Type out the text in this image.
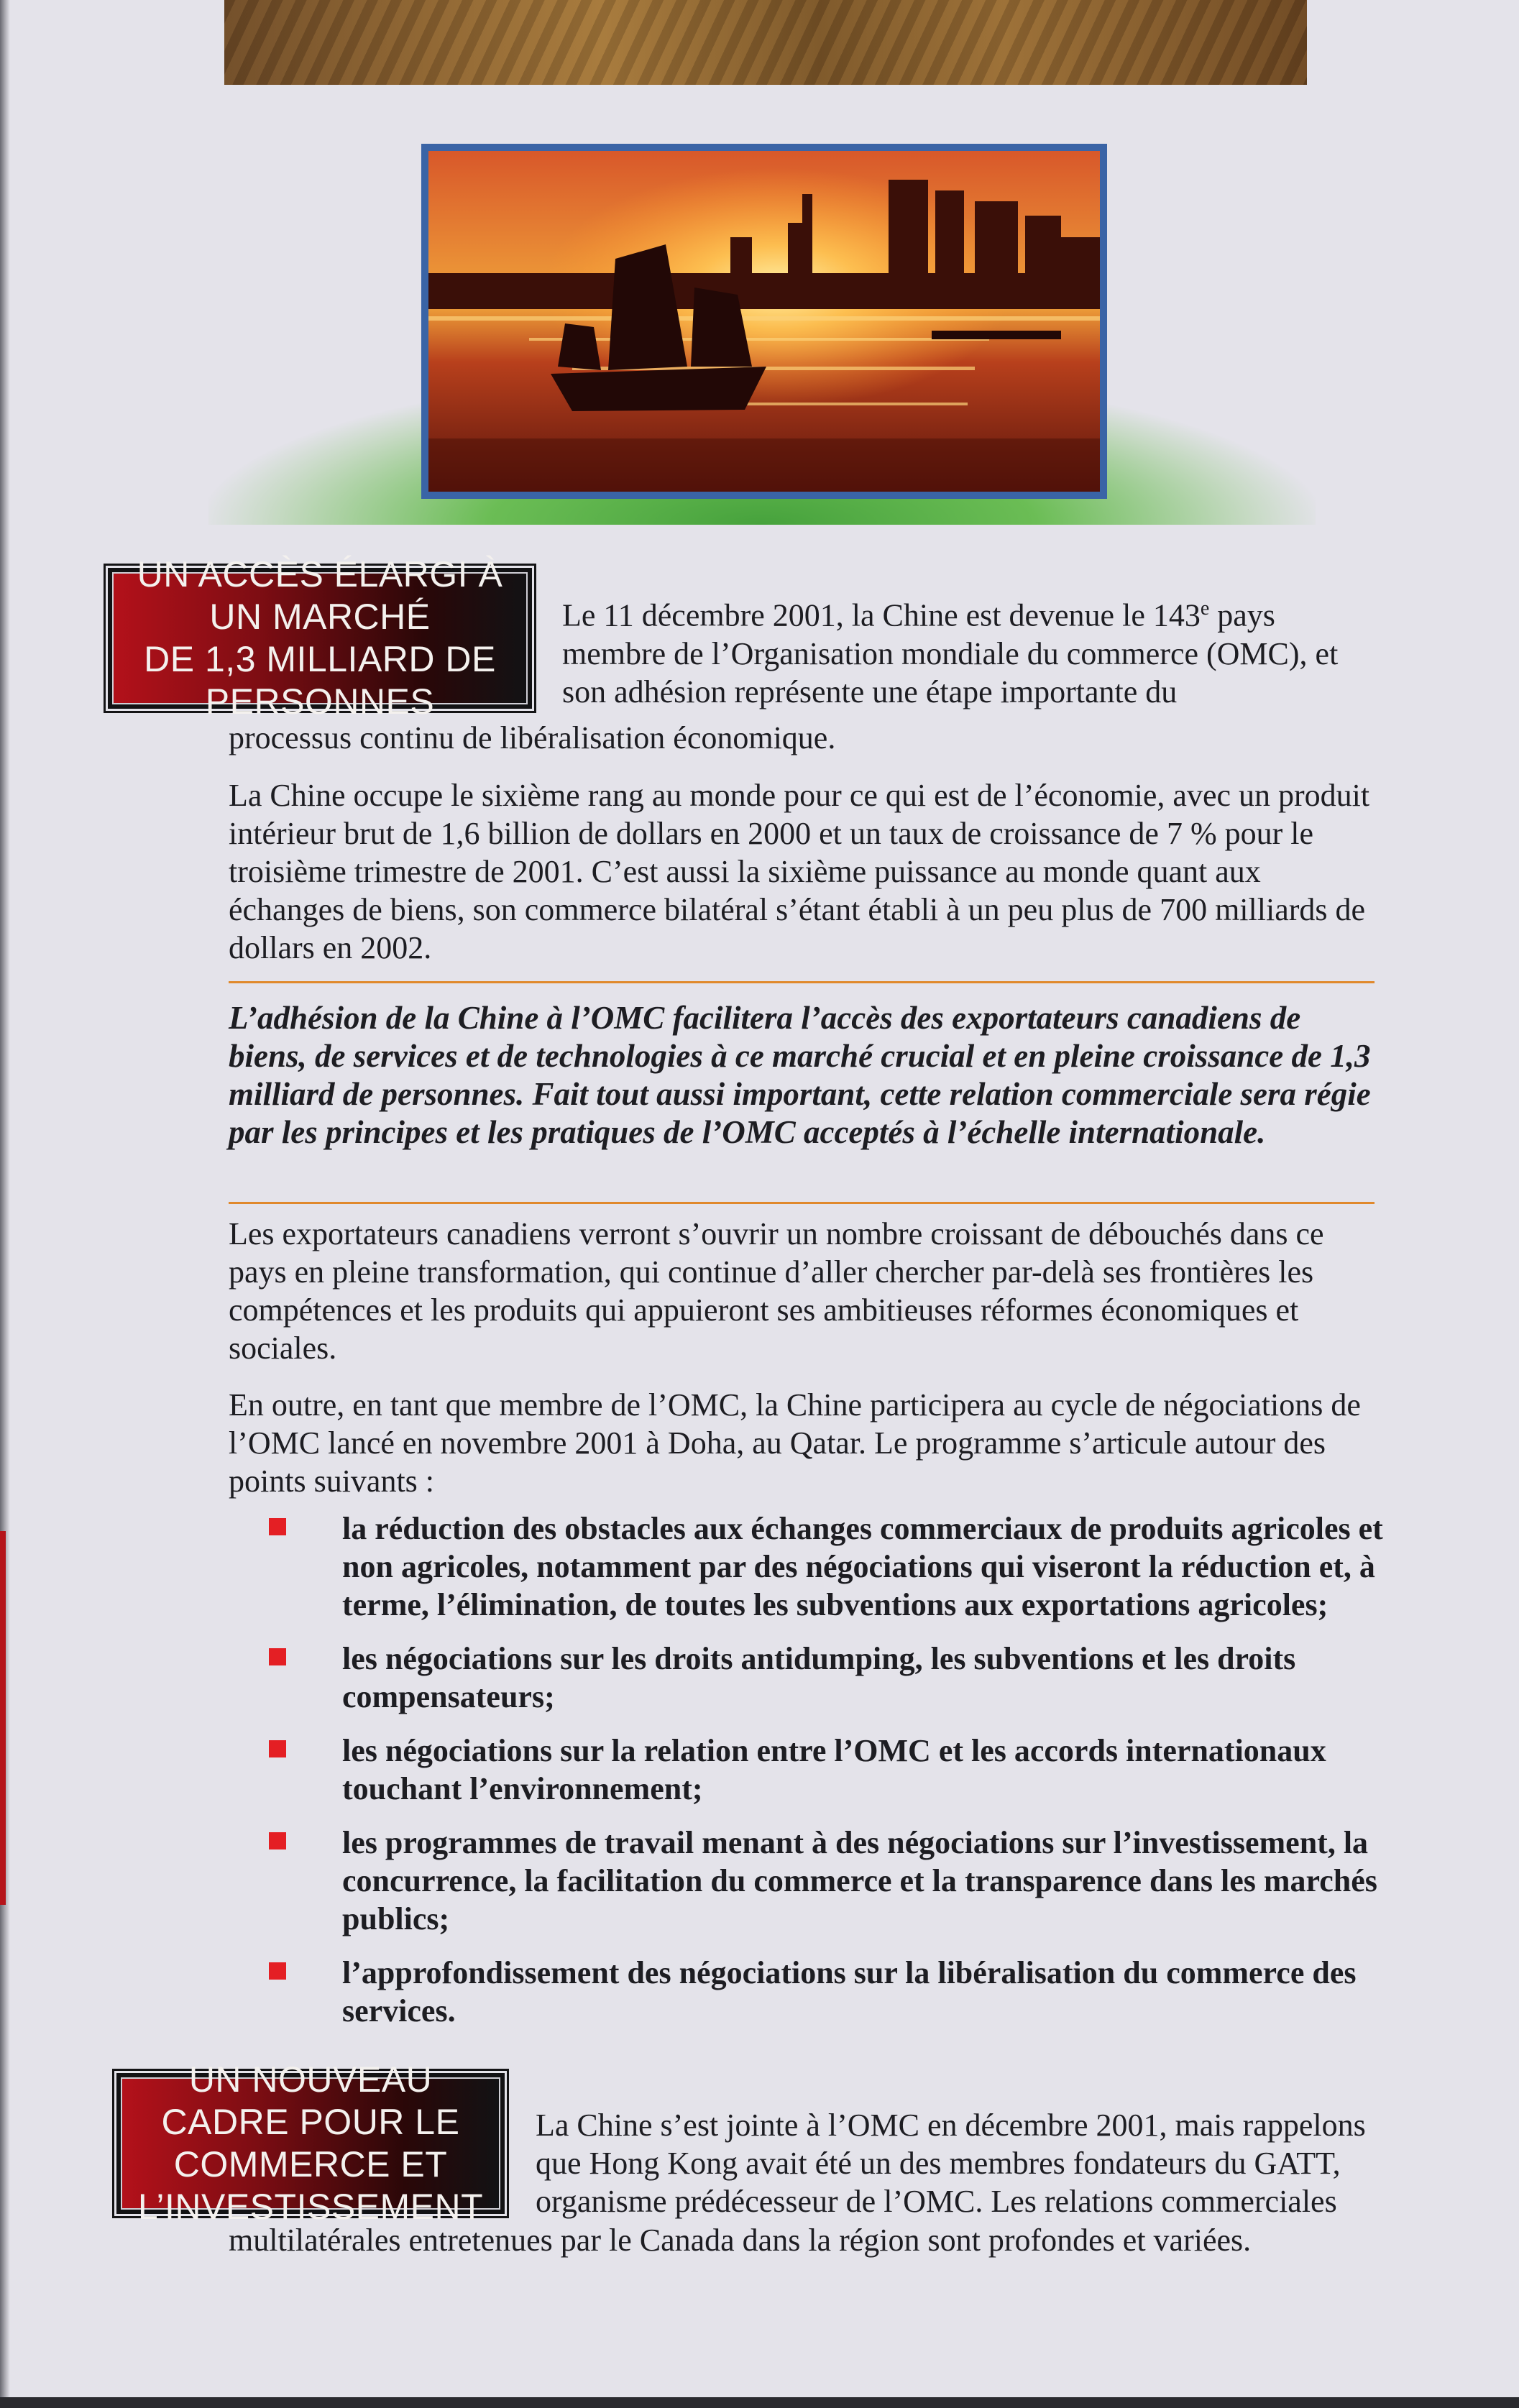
UN ACCÈS ÉLARGI À UN MARCHÉ
DE 1,3 MILLIARD DE PERSONNES

Le 11 décembre 2001, la Chine est devenue le 143e pays membre de l’Organisation mondiale du commerce (OMC), et son adhésion représente une étape importante du

processus continu de libéralisation économique.

La Chine occupe le sixième rang au monde pour ce qui est de l’économie, avec un produit intérieur brut de 1,6 billion de dollars en 2000 et un taux de croissance de 7 % pour le troisième trimestre de 2001. C’est aussi la sixième puissance au monde quant aux échanges de biens, son commerce bilatéral s’étant établi à un peu plus de 700 milliards de dollars en 2002.

L’adhésion de la Chine à l’OMC facilitera l’accès des exportateurs canadiens de biens, de services et de technologies à ce marché crucial et en pleine croissance de 1,3 milliard de personnes. Fait tout aussi important, cette relation commerciale sera régie par les principes et les pratiques de l’OMC acceptés à l’échelle internationale.

Les exportateurs canadiens verront s’ouvrir un nombre croissant de débouchés dans ce pays en pleine transformation, qui continue d’aller chercher par-delà ses frontières les compétences et les produits qui appuieront ses ambitieuses réformes économiques et sociales.

En outre, en tant que membre de l’OMC, la Chine participera au cycle de négociations de l’OMC lancé en novembre 2001 à Doha, au Qatar. Le programme s’articule autour des points suivants :

la réduction des obstacles aux échanges commerciaux de produits agricoles et non agricoles, notamment par des négociations qui viseront la réduction et, à terme, l’élimination, de toutes les subventions aux exportations agricoles;
les négociations sur les droits antidumping, les subventions et les droits compensateurs;
les négociations sur la relation entre l’OMC et les accords internationaux touchant l’environnement;
les programmes de travail menant à des négociations sur l’investissement, la concurrence, la facilitation du commerce et la transparence dans les marchés publics;
l’approfondissement des négociations sur la libéralisation du commerce des services.
UN NOUVEAU CADRE POUR LE
COMMERCE ET L’INVESTISSEMENT

La Chine s’est jointe à l’OMC en décembre 2001, mais rappelons que Hong Kong avait été un des membres fondateurs du GATT, organisme prédécesseur de l’OMC. Les relations commerciales

multilatérales entretenues par le Canada dans la région sont profondes et variées.
